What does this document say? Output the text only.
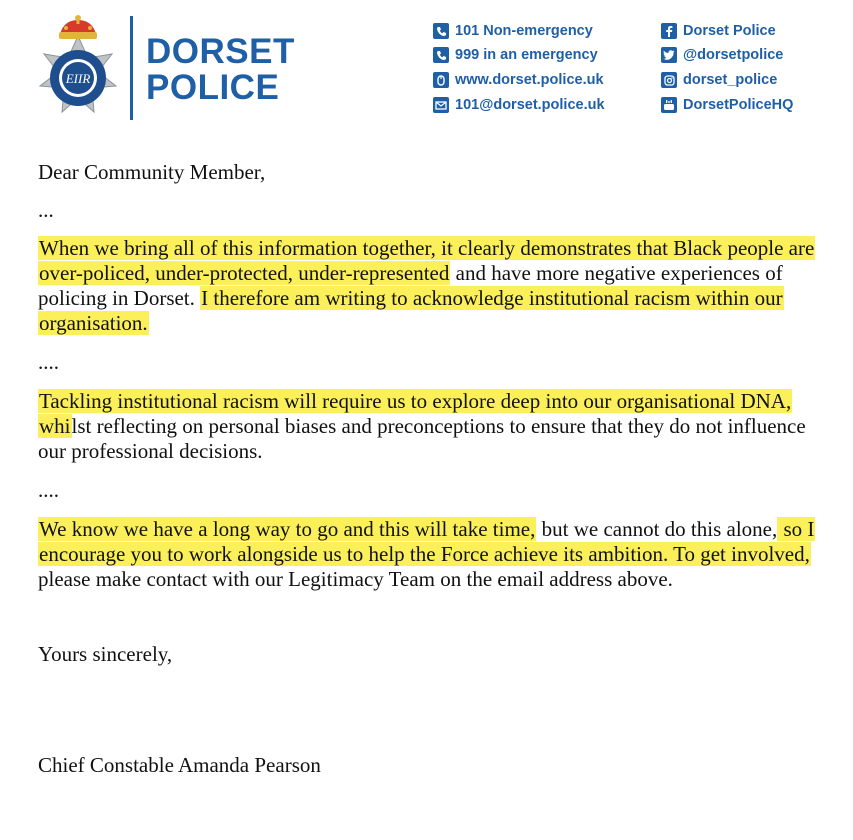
EIIR
DORSET
POLICE
101 Non-emergency
999 in an emergency
www.dorset.police.uk
101@dorset.police.uk
Dorset Police
@dorsetpolice
dorset_police
DorsetPoliceHQ

Dear Community Member,

...

When we bring all of this information together, it clearly demonstrates that Black people are over-policed, under-protected, under-represented and have more negative experiences of policing in Dorset. I therefore am writing to acknowledge institutional racism within our organisation.

....

Tackling institutional racism will require us to explore deep into our organisational DNA, whilst reflecting on personal biases and preconceptions to ensure that they do not influence our professional decisions.

....

We know we have a long way to go and this will take time, but we cannot do this alone, so I encourage you to work alongside us to help the Force achieve its ambition. To get involved, please make contact with our Legitimacy Team on the email address above.

Yours sincerely,

Chief Constable Amanda Pearson
